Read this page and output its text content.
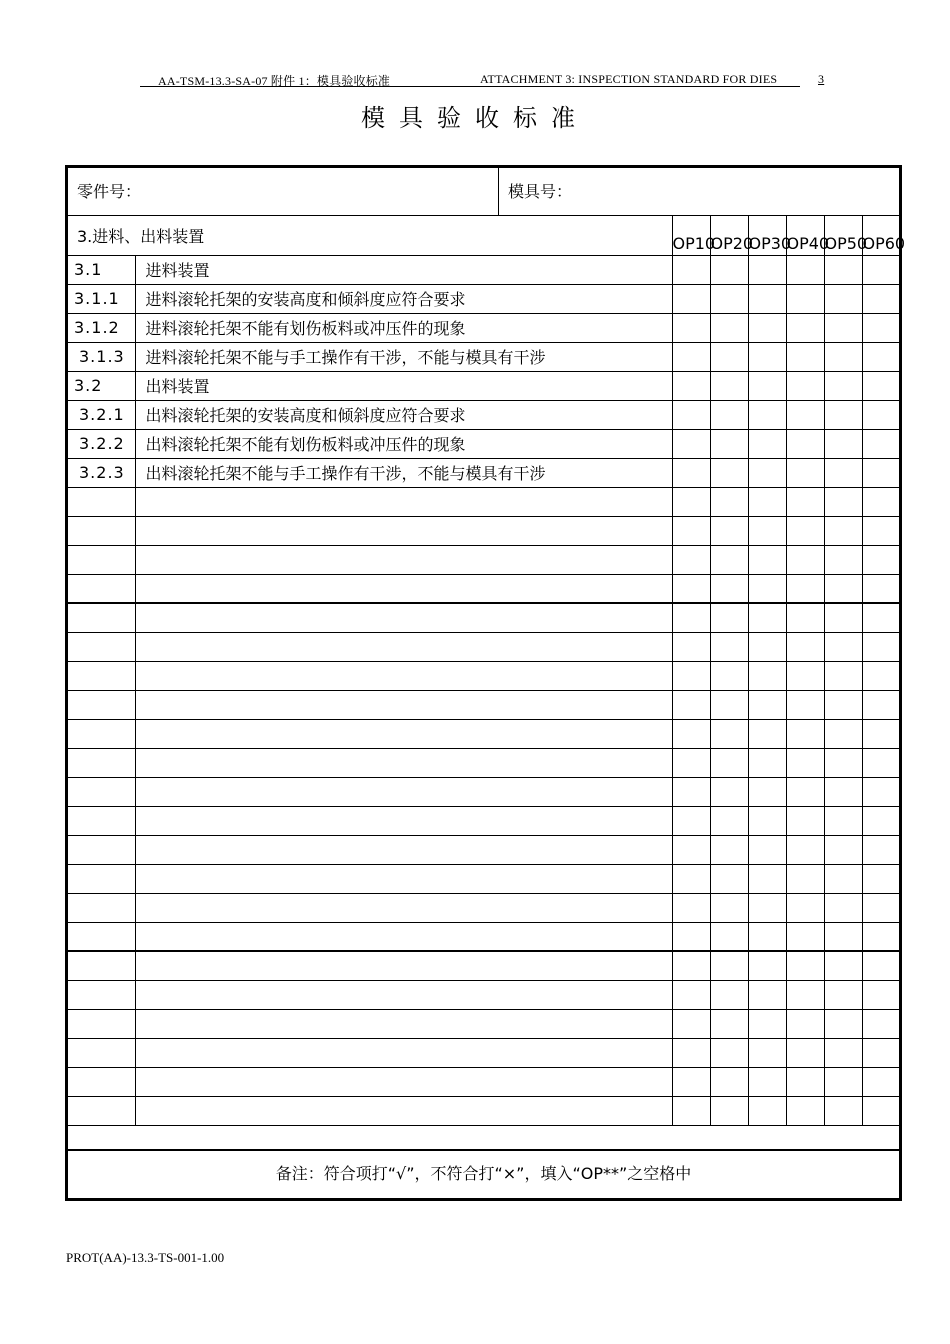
AA-TSM-13.3-SA-07 附件 1：模具验收标准	ATTACHMENT 3: INSPECTION STANDARD FOR DIES	3
模具验收标准
零件号：	模具号：
3.进料、出料装置		OP10	OP20	OP30	OP40	OP50	OP60
3.1	进料装置						
3.1.1	进料滚轮托架的安装高度和倾斜度应符合要求						
3.1.2	进料滚轮托架不能有划伤板料或冲压件的现象						
3.1.3	进料滚轮托架不能与手工操作有干涉，不能与模具有干涉						
3.2	出料装置						
3.2.1	出料滚轮托架的安装高度和倾斜度应符合要求						
3.2.2	出料滚轮托架不能有划伤板料或冲压件的现象						
3.2.3	出料滚轮托架不能与手工操作有干涉，不能与模具有干涉						

备注：符合项打“√”，不符合打“×”，填入“OP**”之空格中
PROT(AA)-13.3-TS-001-1.00
